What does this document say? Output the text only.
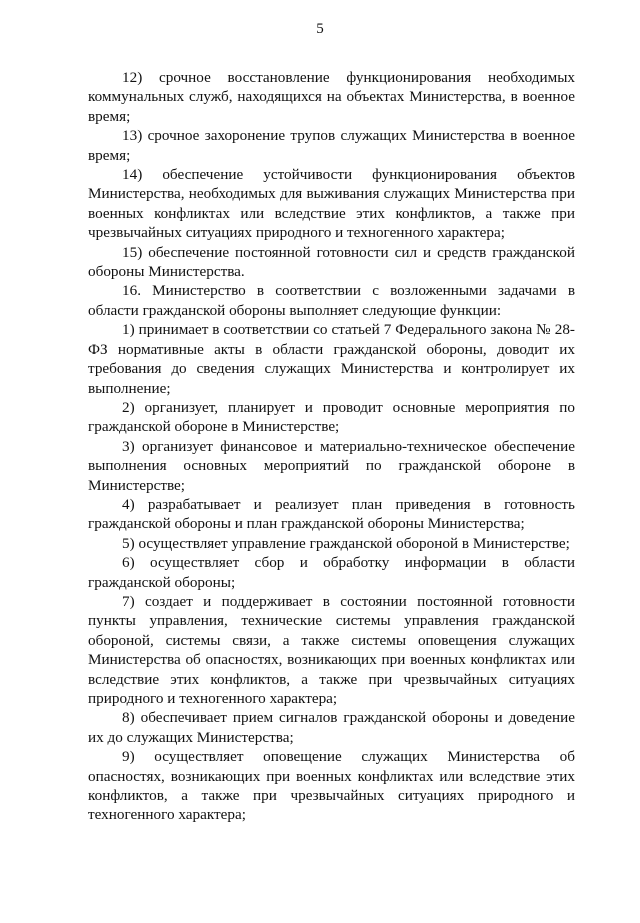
5

12) срочное восстановление функционирования необходимых коммунальных служб, находящихся на объектах Министерства, в военное время;

13) срочное захоронение трупов служащих Министерства в военное время;

14) обеспечение устойчивости функционирования объектов Министерства, необходимых для выживания служащих Министерства при военных конфликтах или вследствие этих конфликтов, а также при чрезвычайных ситуациях природного и техногенного характера;

15) обеспечение постоянной готовности сил и средств гражданской обороны Министерства.

16. Министерство в соответствии с возложенными задачами в области гражданской обороны выполняет следующие функции:

1) принимает в соответствии со статьей 7 Федерального закона № 28-ФЗ нормативные акты в области гражданской обороны, доводит их требования до сведения служащих Министерства и контролирует их выполнение;

2) организует, планирует и проводит основные мероприятия по гражданской обороне в Министерстве;

3) организует финансовое и материально-техническое обеспечение выполнения основных мероприятий по гражданской обороне в Министерстве;

4) разрабатывает и реализует план приведения в готовность гражданской обороны и план гражданской обороны Министерства;

5) осуществляет управление гражданской обороной в Министерстве;

6) осуществляет сбор и обработку информации в области гражданской обороны;

7) создает и поддерживает в состоянии постоянной готовности пункты управления, технические системы управления гражданской обороной, системы связи, а также системы оповещения служащих Министерства об опасностях, возникающих при военных конфликтах или вследствие этих конфликтов, а также при чрезвычайных ситуациях природного и техногенного характера;

8) обеспечивает прием сигналов гражданской обороны и доведение их до служащих Министерства;

9) осуществляет оповещение служащих Министерства об опасностях, возникающих при военных конфликтах или вследствие этих конфликтов, а также при чрезвычайных ситуациях природного и техногенного характера;
